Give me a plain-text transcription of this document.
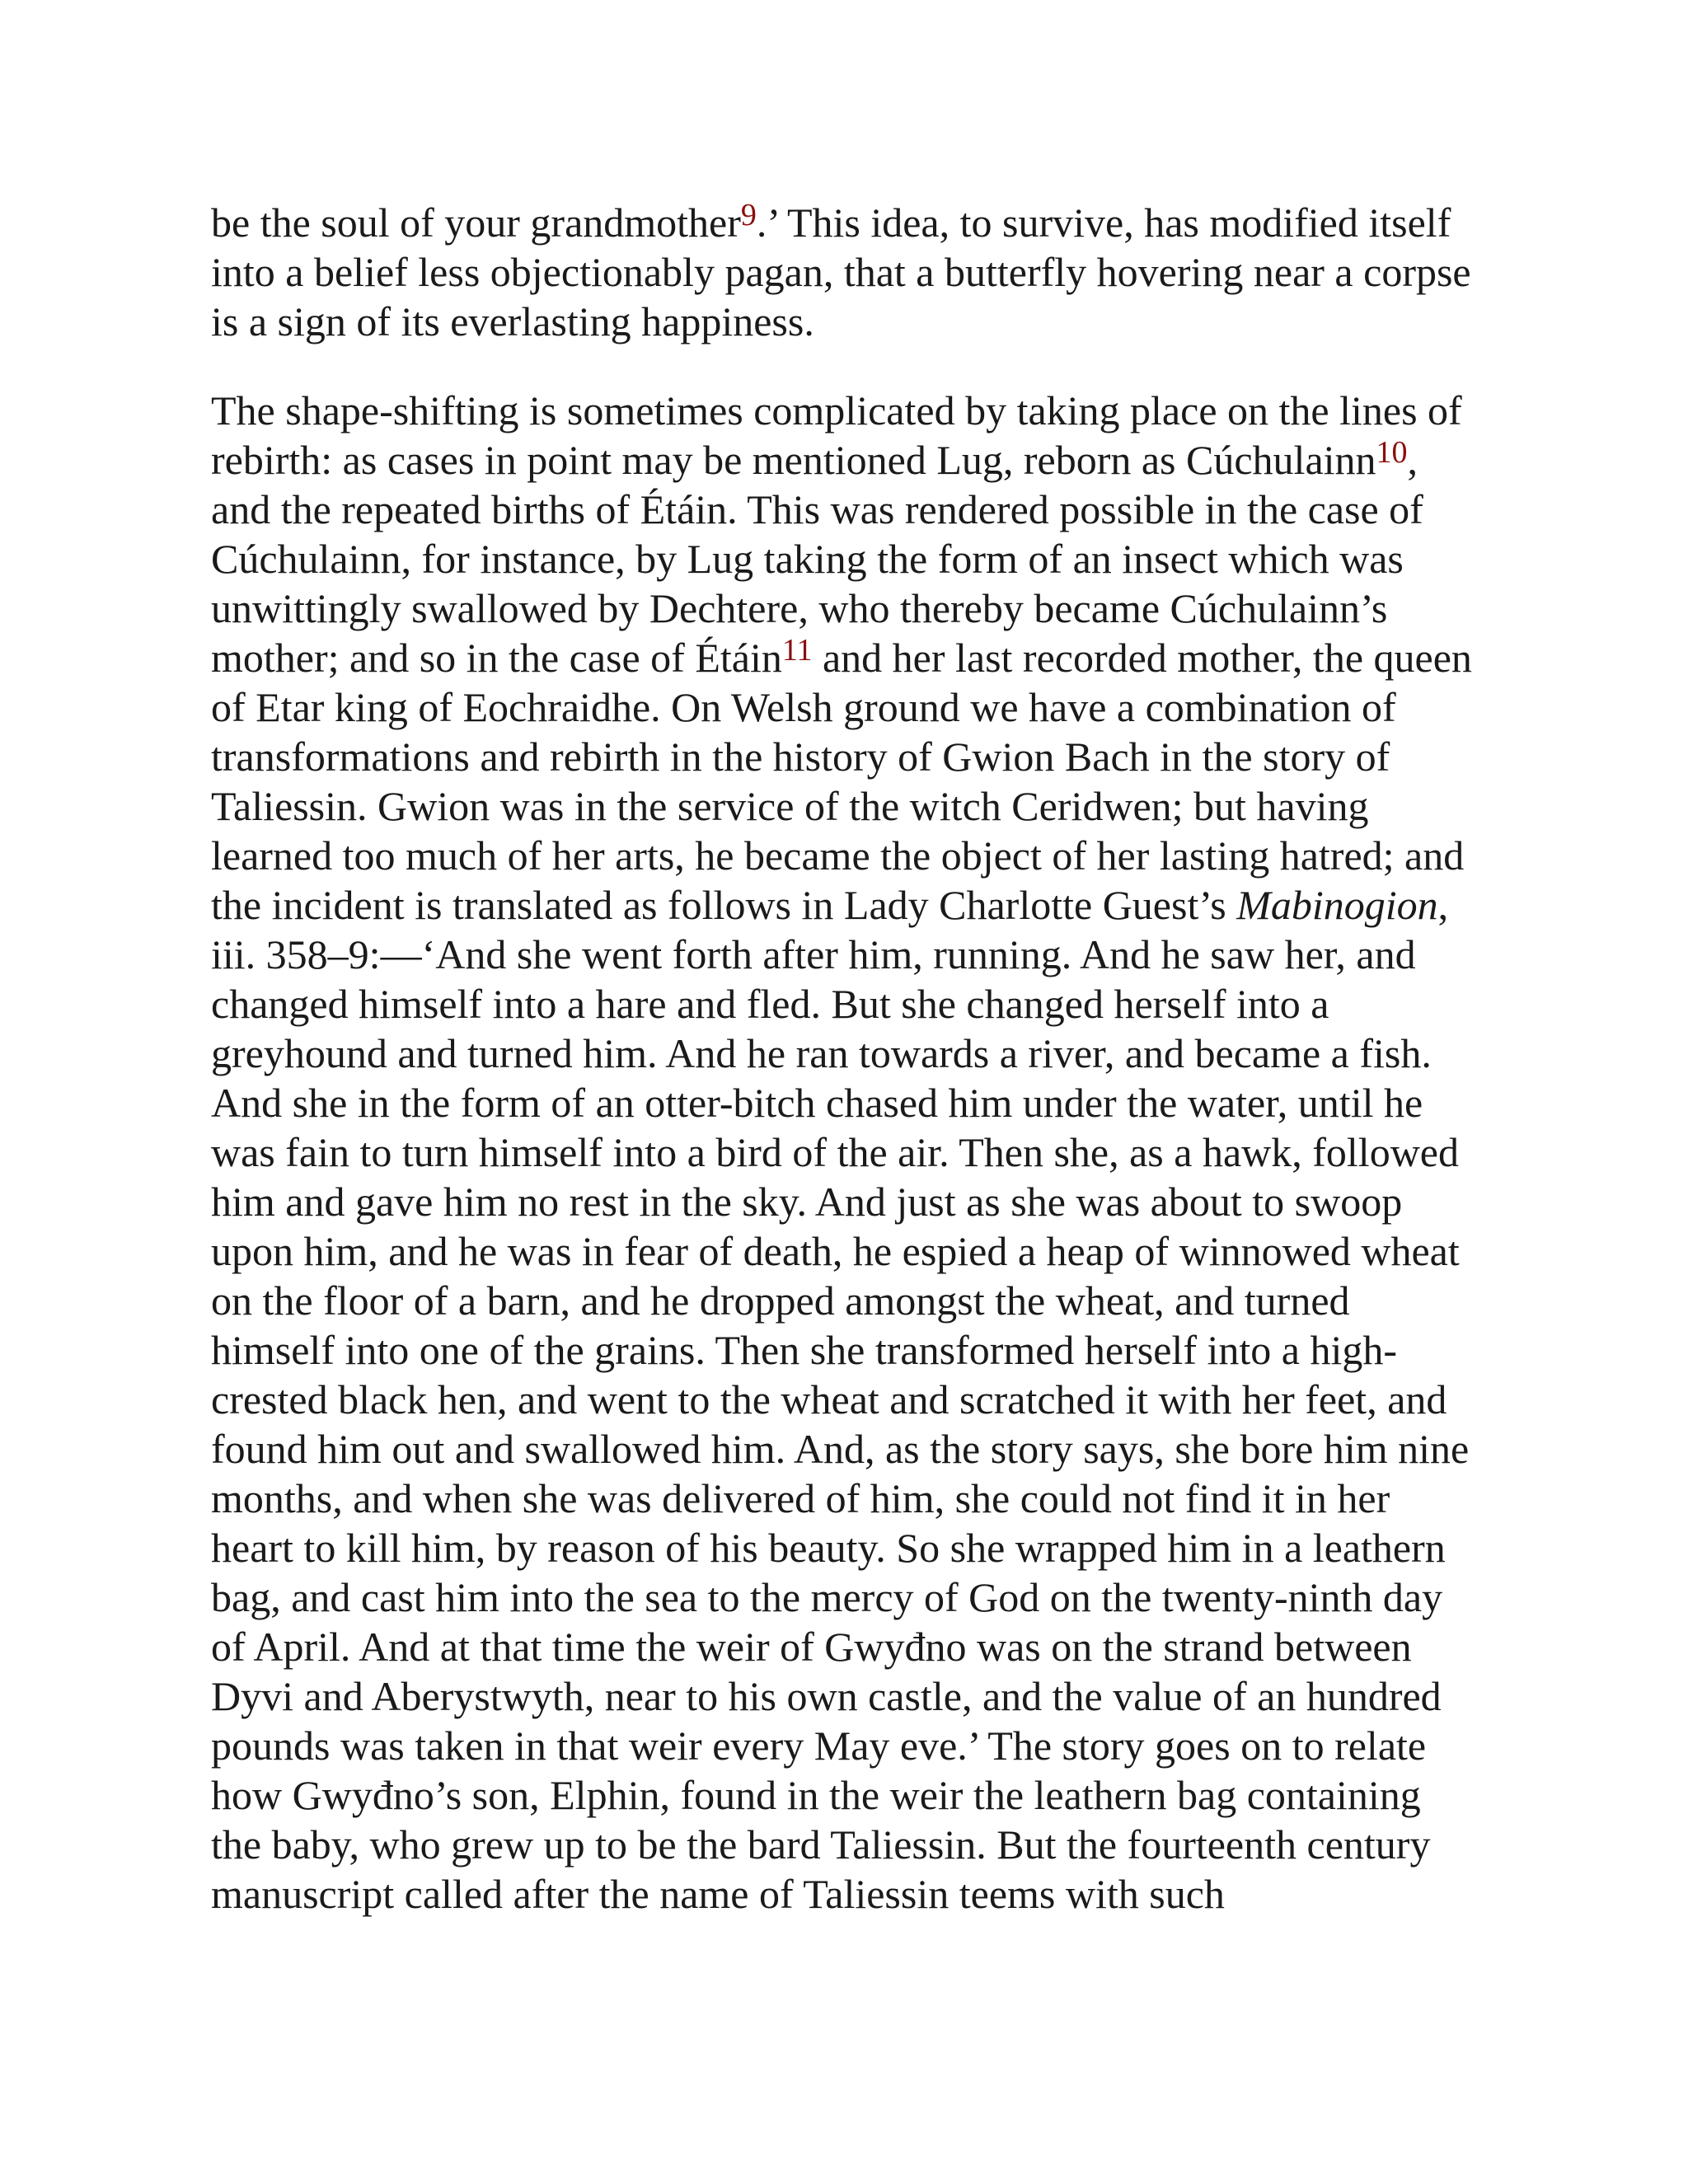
be the soul of your grandmother$^9$.’ This idea, to survive, has modified itself into a belief less objectionably pagan, that a butterfly hovering near a corpse is a sign of its everlasting happiness.

The shape-shifting is sometimes complicated by taking place on the lines of rebirth: as cases in point may be mentioned Lug, reborn as Cúchulainn$^{10}$, and the repeated births of Étáin. This was rendered possible in the case of Cúchulainn, for instance, by Lug taking the form of an insect which was unwittingly swallowed by Dechtere, who thereby became Cúchulainn’s mother; and so in the case of Étáin$^{11}$ and her last recorded mother, the queen of Etar king of Eochraidhe. On Welsh ground we have a combination of transformations and rebirth in the history of Gwion Bach in the story of Taliessin. Gwion was in the service of the witch Ceridwen; but having learned too much of her arts, he became the object of her lasting hatred; and the incident is translated as follows in Lady Charlotte Guest’s Mabinogion, iii. 358–9:—‘And she went forth after him, running. And he saw her, and changed himself into a hare and fled. But she changed herself into a greyhound and turned him. And he ran towards a river, and became a fish. And she in the form of an otter-bitch chased him under the water, until he was fain to turn himself into a bird of the air. Then she, as a hawk, followed him and gave him no rest in the sky. And just as she was about to swoop upon him, and he was in fear of death, he espied a heap of winnowed wheat on the floor of a barn, and he dropped amongst the wheat, and turned himself into one of the grains. Then she transformed herself into a high-crested black hen, and went to the wheat and scratched it with her feet, and found him out and swallowed him. And, as the story says, she bore him nine months, and when she was delivered of him, she could not find it in her heart to kill him, by reason of his beauty. So she wrapped him in a leathern bag, and cast him into the sea to the mercy of God on the twenty-ninth day of April. And at that time the weir of Gwyđno was on the strand between Dyvi and Aberystwyth, near to his own castle, and the value of an hundred pounds was taken in that weir every May eve.’ The story goes on to relate how Gwyđno’s son, Elphin, found in the weir the leathern bag containing the baby, who grew up to be the bard Taliessin. But the fourteenth century manuscript called after the name of Taliessin teems with such
